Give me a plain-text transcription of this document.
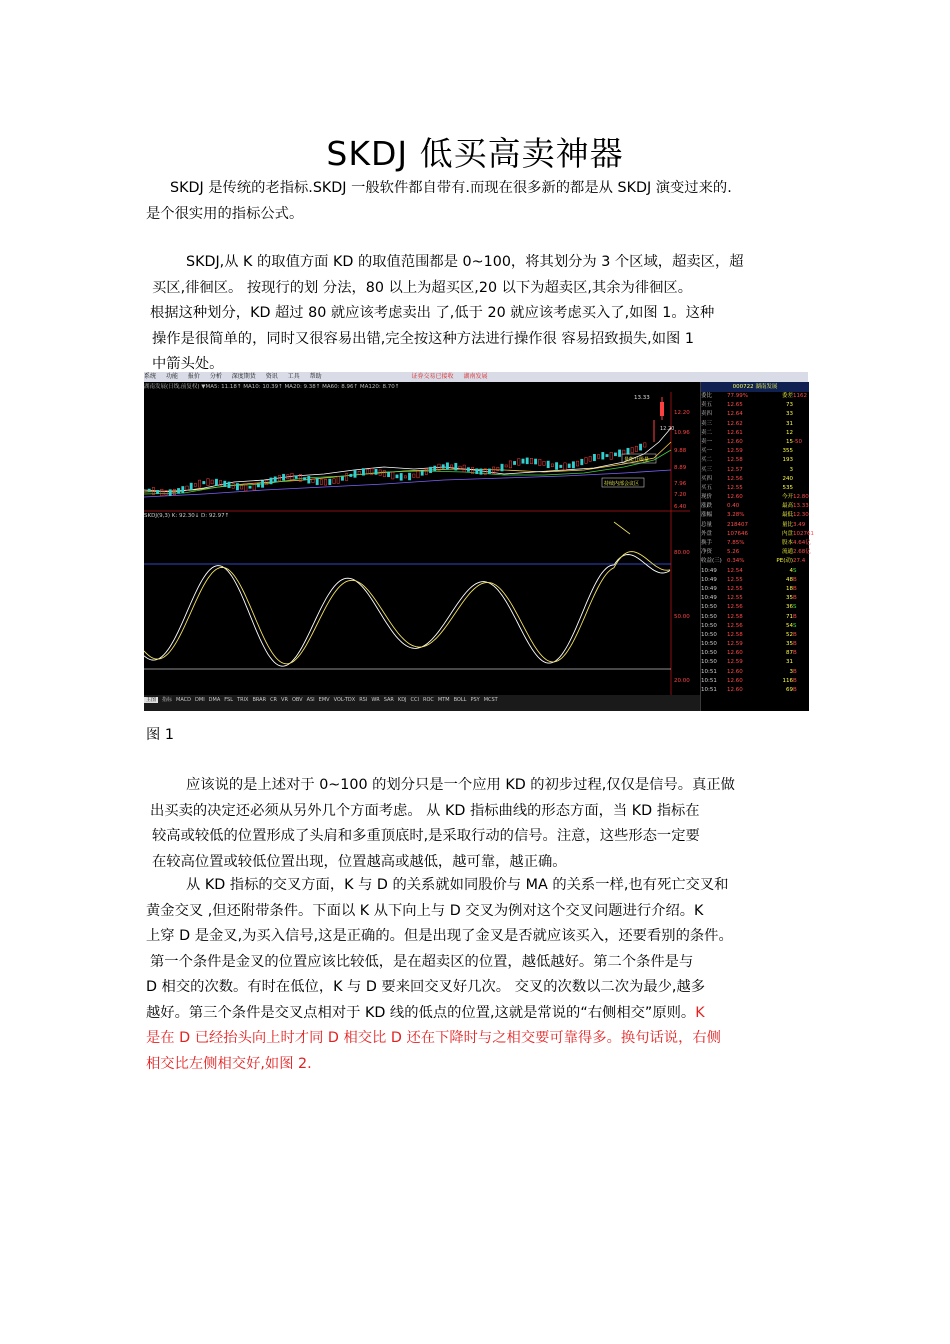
SKDJ 低买高卖神器

SKDJ 是传统的老指标.SKDJ 一般软件都自带有.而现在很多新的都是从 SKDJ 演变过来的.

是个很实用的指标公式。

SKDJ,从 K 的取值方面 KD 的取值范围都是 0~100，将其划分为 3 个区域，超卖区，超

买区,徘徊区。 按现行的划 分法，80 以上为超买区,20 以下为超卖区,其余为徘徊区。

根据这种划分，KD 超过 80 就应该考虑卖出 了,低于 20 就应该考虑买入了,如图 1。这种

操作是很简单的，同时又很容易出错,完全按这种方法进行操作很 容易招致损失,如图 1

中箭头处。

系统 功能 报价 分析 深度期货 资讯 工具 帮助	证券交易已接收 湖南发展
湖南发展(日线,前复权) ▼MA5: 11.18↑ MA10: 10.39↑ MA20: 9.38↑ MA60: 8.96↑ MA120: 8.70↑
13.33
12.20
量能升级量
持续内部会议区
12.20
10.96
9.88
8.89
7.96
7.20
6.40
80.00
50.00
20.00
SKDJ(9,3) K: 92.30↓ D: 92.97↑
主图 指标 MACD DMI DMA FSL TRIX BRAR CR VR OBV ASI EMV VOL-TDX RSI WR SAR KDJ CCI ROC MTM BOLL PSY MCST
000722 湖南发展
委比	77.99%	委差 1162
卖五	12.65	73
卖四	12.64	33
卖三	12.62	31
卖二	12.61	12
卖一	12.60	15 -50
买一	12.59	355
买二	12.58	193
买三	12.57	3
买四	12.56	240
买五	12.55	535
现价	12.60	今开 12.80
涨跌	0.40	最高 13.33
涨幅	3.28%	最低 12.30
总量	218407	量比 3.49
外盘	107646	内盘 102761
换手	7.85%	股本 4.64亿
净资	5.26	流通 2.68亿
收益(三) 0.34%	PE(动) 27.4
10:49	12.54	4 S
10:49	12.55	48 B
10:49	12.55	18 B
10:49	12.55	35 B
10:50	12.56	36 S
10:50	12.58	71 B
10:50	12.56	54 S
10:50	12.58	52 B
10:50	12.59	35 B
10:50	12.60	87 B
10:50	12.59	31
10:51	12.60	3 B
10:51	12.60	116 B
10:51	12.60	69 B
图 1

应该说的是上述对于 0~100 的划分只是一个应用 KD 的初步过程,仅仅是信号。真正做

出买卖的决定还必须从另外几个方面考虑。 从 KD 指标曲线的形态方面，当 KD 指标在

较高或较低的位置形成了头肩和多重顶底时,是采取行动的信号。注意，这些形态一定要

在较高位置或较低位置出现，位置越高或越低，越可靠，越正确。

从 KD 指标的交叉方面，K 与 D 的关系就如同股价与 MA 的关系一样,也有死亡交叉和

黄金交叉 ,但还附带条件。下面以 K 从下向上与 D 交叉为例对这个交叉问题进行介绍。K

上穿 D 是金叉,为买入信号,这是正确的。但是出现了金叉是否就应该买入，还要看别的条件。

第一个条件是金叉的位置应该比较低，是在超卖区的位置，越低越好。第二个条件是与

D 相交的次数。有时在低位，K 与 D 要来回交叉好几次。 交叉的次数以二次为最少,越多

越好。第三个条件是交叉点相对于 KD 线的低点的位置,这就是常说的“右侧相交”原则。K

是在 D 已经抬头向上时才同 D 相交比 D 还在下降时与之相交要可靠得多。换句话说，右侧

相交比左侧相交好,如图 2.
